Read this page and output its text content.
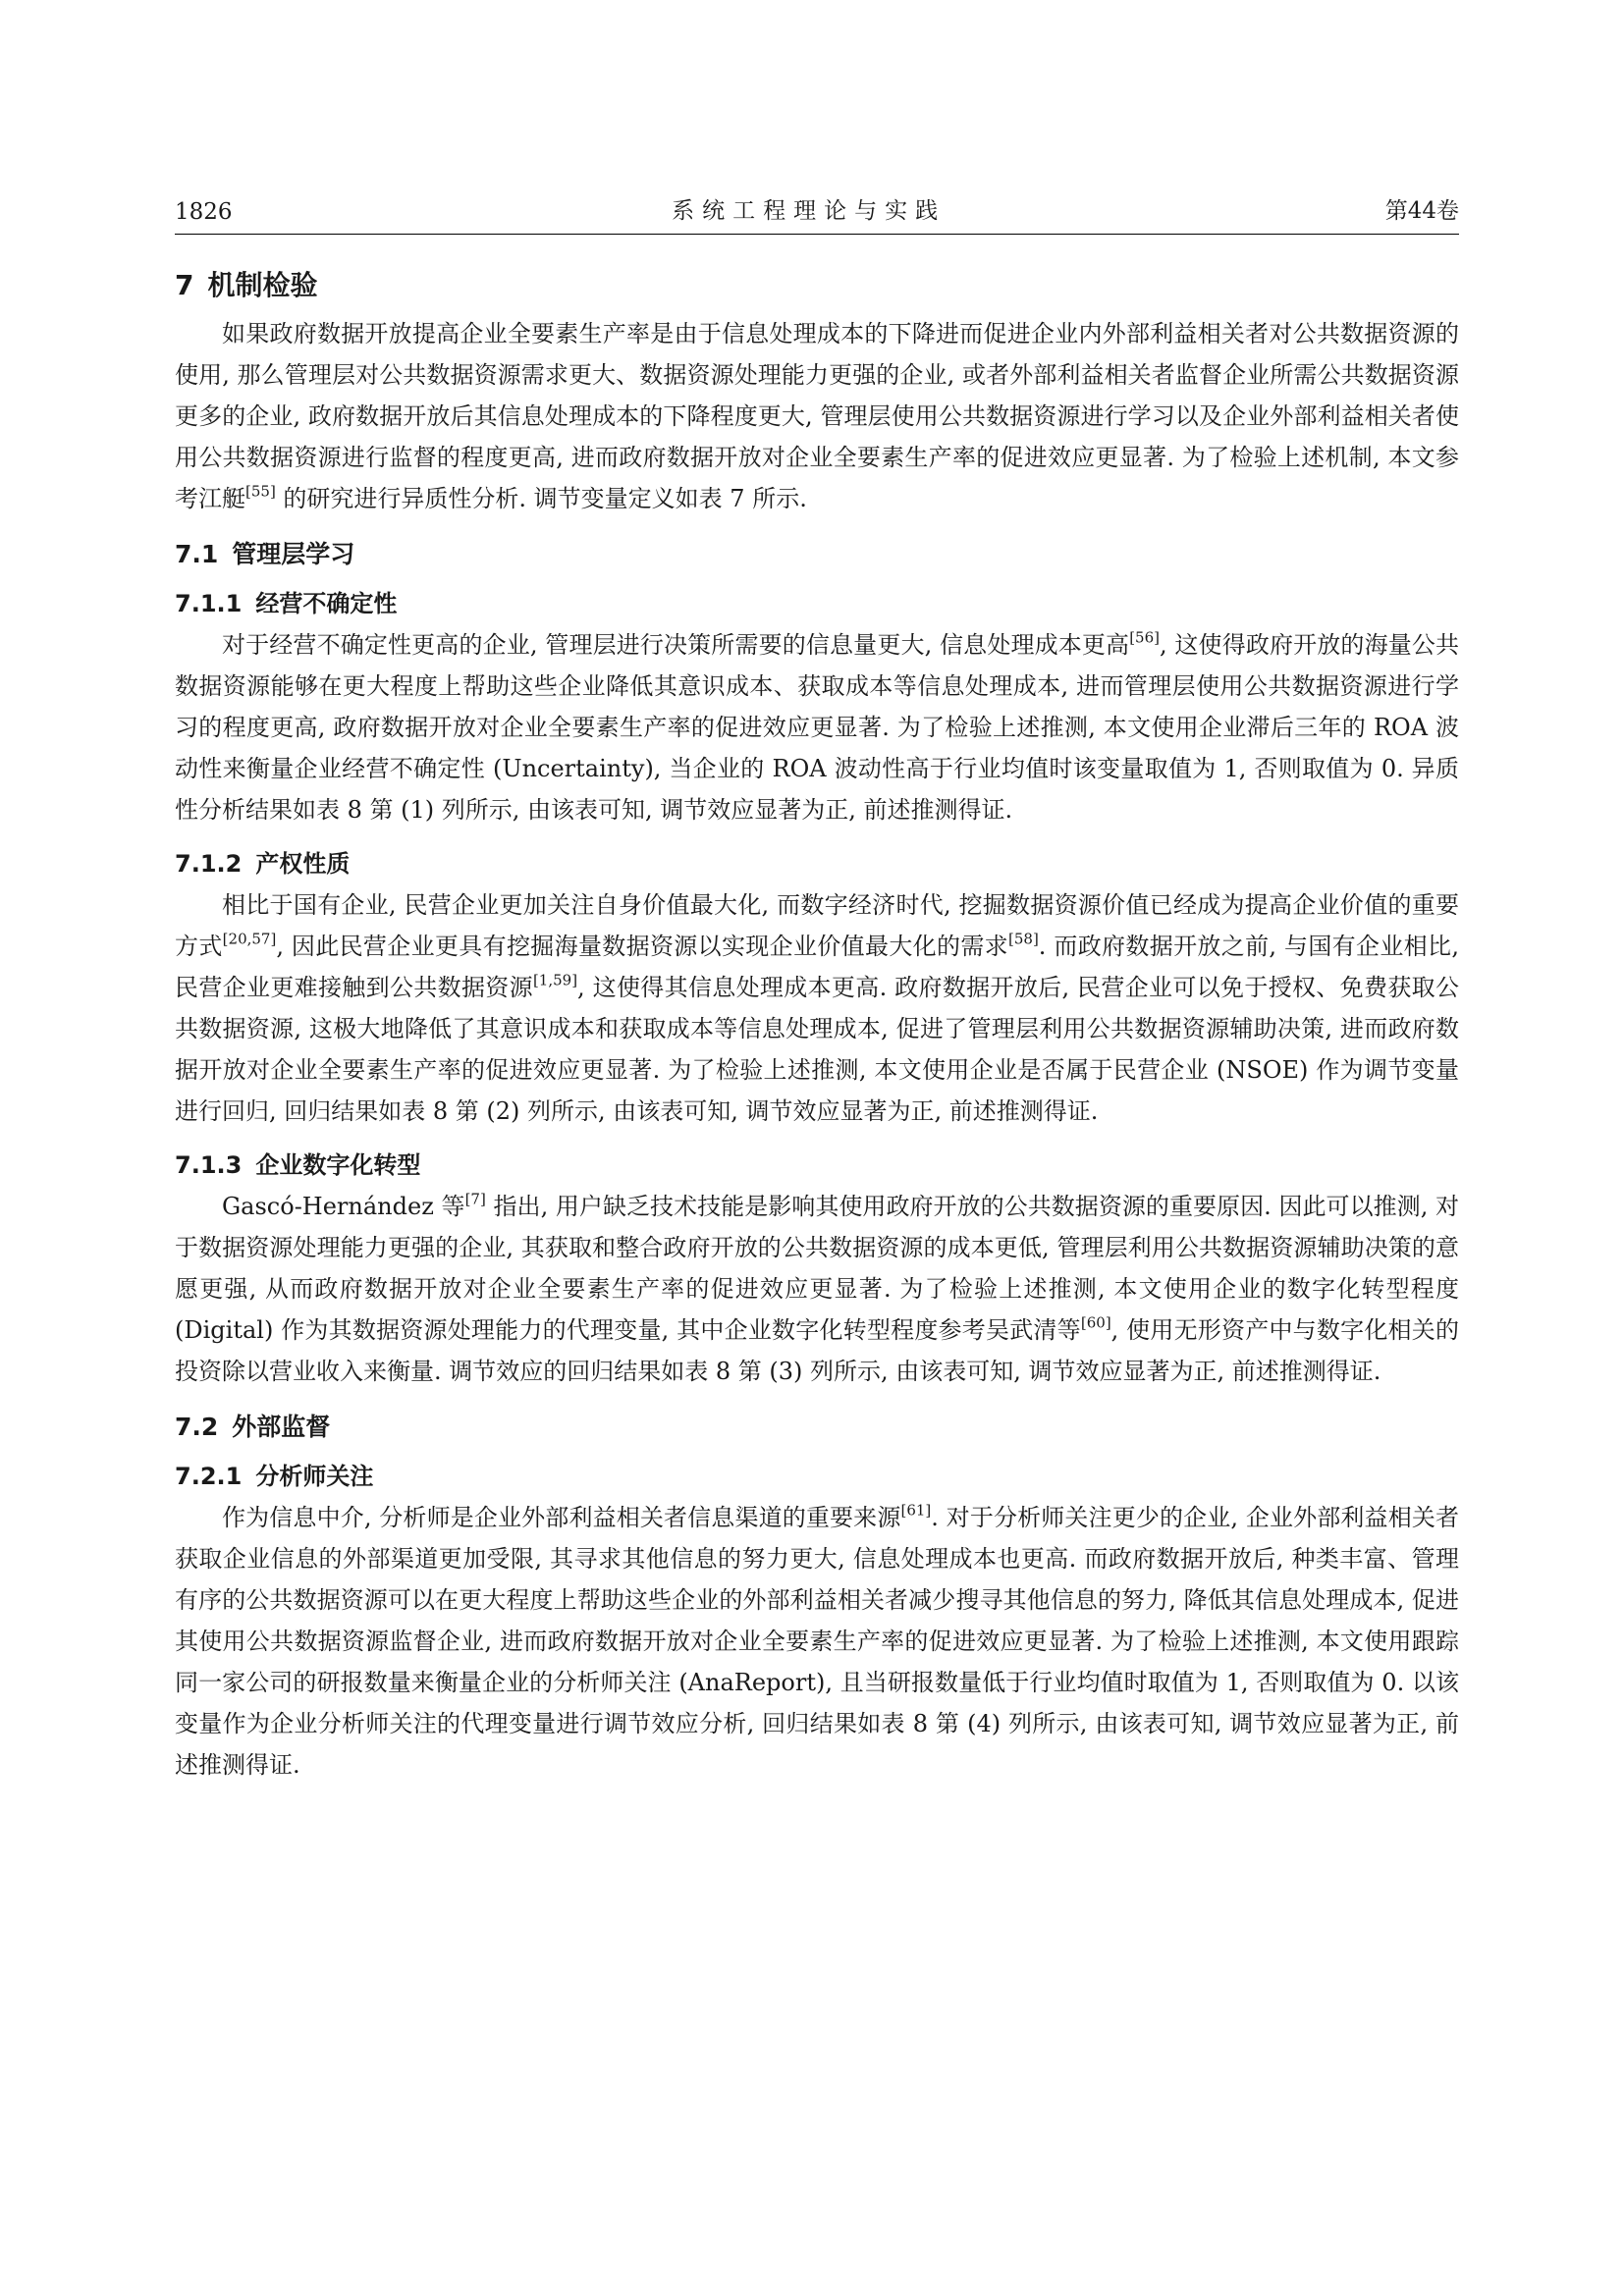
1826	系统工程理论与实践	第44卷
7 机制检验

如果政府数据开放提高企业全要素生产率是由于信息处理成本的下降进而促进企业内外部利益相关者对公共数据资源的使用, 那么管理层对公共数据资源需求更大、数据资源处理能力更强的企业, 或者外部利益相关者监督企业所需公共数据资源更多的企业, 政府数据开放后其信息处理成本的下降程度更大, 管理层使用公共数据资源进行学习以及企业外部利益相关者使用公共数据资源进行监督的程度更高, 进而政府数据开放对企业全要素生产率的促进效应更显著. 为了检验上述机制, 本文参考江艇[55] 的研究进行异质性分析. 调节变量定义如表 7 所示.

7.1 管理层学习
7.1.1 经营不确定性

对于经营不确定性更高的企业, 管理层进行决策所需要的信息量更大, 信息处理成本更高[56], 这使得政府开放的海量公共数据资源能够在更大程度上帮助这些企业降低其意识成本、获取成本等信息处理成本, 进而管理层使用公共数据资源进行学习的程度更高, 政府数据开放对企业全要素生产率的促进效应更显著. 为了检验上述推测, 本文使用企业滞后三年的 ROA 波动性来衡量企业经营不确定性 (Uncertainty), 当企业的 ROA 波动性高于行业均值时该变量取值为 1, 否则取值为 0. 异质性分析结果如表 8 第 (1) 列所示, 由该表可知, 调节效应显著为正, 前述推测得证.

7.1.2 产权性质

相比于国有企业, 民营企业更加关注自身价值最大化, 而数字经济时代, 挖掘数据资源价值已经成为提高企业价值的重要方式[20,57], 因此民营企业更具有挖掘海量数据资源以实现企业价值最大化的需求[58]. 而政府数据开放之前, 与国有企业相比, 民营企业更难接触到公共数据资源[1,59], 这使得其信息处理成本更高. 政府数据开放后, 民营企业可以免于授权、免费获取公共数据资源, 这极大地降低了其意识成本和获取成本等信息处理成本, 促进了管理层利用公共数据资源辅助决策, 进而政府数据开放对企业全要素生产率的促进效应更显著. 为了检验上述推测, 本文使用企业是否属于民营企业 (NSOE) 作为调节变量进行回归, 回归结果如表 8 第 (2) 列所示, 由该表可知, 调节效应显著为正, 前述推测得证.

7.1.3 企业数字化转型

Gascó-Hernández 等[7] 指出, 用户缺乏技术技能是影响其使用政府开放的公共数据资源的重要原因. 因此可以推测, 对于数据资源处理能力更强的企业, 其获取和整合政府开放的公共数据资源的成本更低, 管理层利用公共数据资源辅助决策的意愿更强, 从而政府数据开放对企业全要素生产率的促进效应更显著. 为了检验上述推测, 本文使用企业的数字化转型程度 (Digital) 作为其数据资源处理能力的代理变量, 其中企业数字化转型程度参考吴武清等[60], 使用无形资产中与数字化相关的投资除以营业收入来衡量. 调节效应的回归结果如表 8 第 (3) 列所示, 由该表可知, 调节效应显著为正, 前述推测得证.

7.2 外部监督
7.2.1 分析师关注

作为信息中介, 分析师是企业外部利益相关者信息渠道的重要来源[61]. 对于分析师关注更少的企业, 企业外部利益相关者获取企业信息的外部渠道更加受限, 其寻求其他信息的努力更大, 信息处理成本也更高. 而政府数据开放后, 种类丰富、管理有序的公共数据资源可以在更大程度上帮助这些企业的外部利益相关者减少搜寻其他信息的努力, 降低其信息处理成本, 促进其使用公共数据资源监督企业, 进而政府数据开放对企业全要素生产率的促进效应更显著. 为了检验上述推测, 本文使用跟踪同一家公司的研报数量来衡量企业的分析师关注 (AnaReport), 且当研报数量低于行业均值时取值为 1, 否则取值为 0. 以该变量作为企业分析师关注的代理变量进行调节效应分析, 回归结果如表 8 第 (4) 列所示, 由该表可知, 调节效应显著为正, 前述推测得证.
